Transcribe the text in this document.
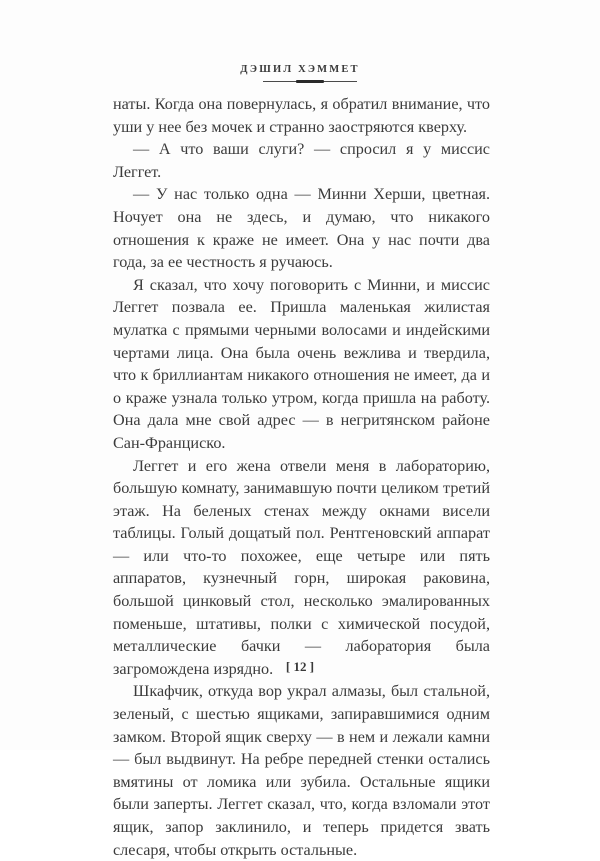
ДЭШИЛ ХЭММЕТ

наты. Когда она повернулась, я обратил внимание, что уши у нее без мочек и странно заостряются кверху.

— А что ваши слуги? — спросил я у миссис Леггет.

— У нас только одна — Минни Херши, цветная. Ночует она не здесь, и думаю, что никакого отношения к краже не имеет. Она у нас почти два года, за ее честность я ручаюсь.

Я сказал, что хочу поговорить с Минни, и миссис Леггет позвала ее. Пришла маленькая жилистая мулатка с прямыми черными волосами и индейскими чертами лица. Она была очень вежлива и твердила, что к бриллиантам никакого отношения не имеет, да и о краже узнала только утром, когда пришла на работу. Она дала мне свой адрес — в негритянском районе Сан-Франциско.

Леггет и его жена отвели меня в лабораторию, большую комнату, занимавшую почти целиком третий этаж. На беленых стенах между окнами висели таблицы. Голый дощатый пол. Рентгеновский аппарат — или что-то похожее, еще четыре или пять аппаратов, кузнечный горн, широкая раковина, большой цинковый стол, несколько эмалированных поменьше, штативы, полки с химической посудой, металлические бачки — лаборатория была загромождена изрядно.

Шкафчик, откуда вор украл алмазы, был стальной, зеленый, с шестью ящиками, запиравшимися одним замком. Второй ящик сверху — в нем и лежали камни — был выдвинут. На ребре передней стенки остались вмятины от ломика или зубила. Остальные ящики были заперты. Леггет сказал, что, когда взломали этот ящик, запор заклинило, и теперь придется звать слесаря, чтобы открыть остальные.

[ 12 ]
